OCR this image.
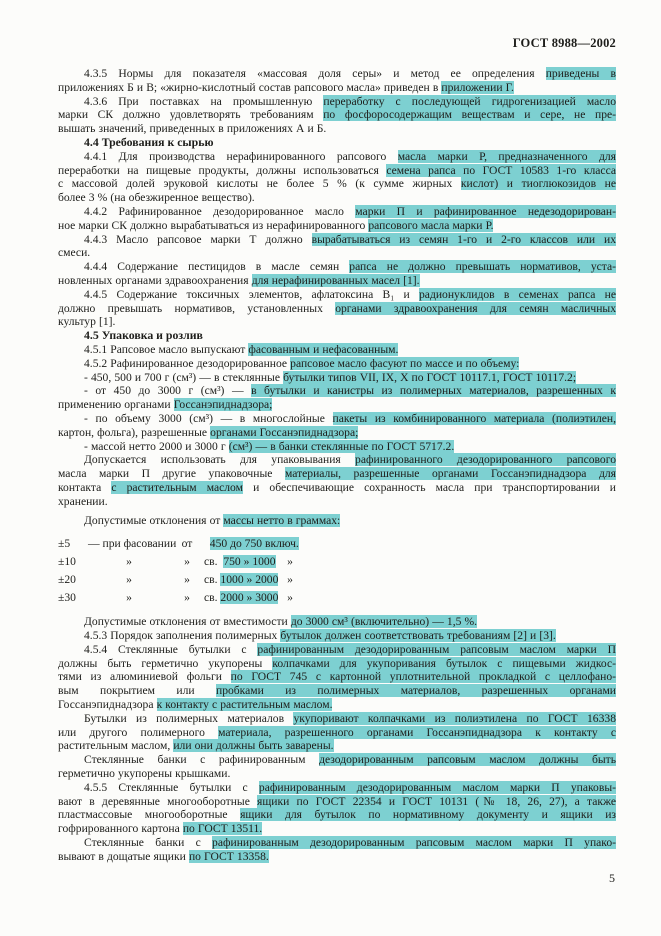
ГОСТ 8988—2002
4.3.5 Нормы для показателя «массовая доля серы» и метод ее определения приведены в
приложениях Б и В; «жирно-кислотный состав рапсового масла» приведен в приложении Г.
4.3.6 При поставках на промышленную переработку с последующей гидрогенизацией масло
марки СК должно удовлетворять требованиям по фосфоросодержащим веществам и сере, не пре-
вышать значений, приведенных в приложениях А и Б.
4.4 Требования к сырью
4.4.1 Для производства нерафинированного рапсового масла марки Р, предназначенного для
переработки на пищевые продукты, должны использоваться семена рапса по ГОСТ 10583 1-го класса
с массовой долей эруковой кислоты не более 5 % (к сумме жирных кислот) и тиоглюкозидов не
более 3 % (на обезжиренное вещество).
4.4.2 Рафинированное дезодорированное масло марки П и рафинированное недезодорирован-
ное марки СК должно вырабатываться из нерафинированного рапсового масла марки Р.
4.4.3 Масло рапсовое марки Т должно вырабатываться из семян 1-го и 2-го классов или их
смеси.
4.4.4 Содержание пестицидов в масле семян рапса не должно превышать нормативов, уста-
новленных органами здравоохранения для нерафинированных масел [1].
4.4.5 Содержание токсичных элементов, афлатоксина В₁ и радионуклидов в семенах рапса не
должно превышать нормативов, установленных органами здравоохранения для семян масличных
культур [1].
4.5 Упаковка и розлив
4.5.1 Рапсовое масло выпускают фасованным и нефасованным.
4.5.2 Рафинированное дезодорированное рапсовое масло фасуют по массе и по объему:
- 450, 500 и 700 г (см³) — в стеклянные бутылки типов VII, IX, X по ГОСТ 10117.1, ГОСТ 10117.2;
- от 450 до 3000 г (см³) — в бутылки и канистры из полимерных материалов, разрешенных к
применению органами Госсанэпиднадзора;
- по объему 3000 (см³) — в многослойные пакеты из комбинированного материала (полиэтилен,
картон, фольга), разрешенные органами Госсанэпиднадзора;
- массой нетто 2000 и 3000 г (см³) — в банки стеклянные по ГОСТ 5717.2.
Допускается использовать для упаковывания рафинированного дезодорированного рапсового
масла марки П другие упаковочные материалы, разрешенные органами Госсанэпиднадзора для
контакта с растительным маслом и обеспечивающие сохранность масла при транспортировании и
хранении.
Допустимые отклонения от массы нетто в граммах:
±5	— при фасовании от	450 до 750 включ.
±10	»	»	св.  750 » 1000    »
±20	»	»	св. 1000 » 2000   »
±30	»	»	св. 2000 » 3000   »
Допустимые отклонения от вместимости до 3000 см³ (включительно) — 1,5 %.
4.5.3 Порядок заполнения полимерных бутылок должен соответствовать требованиям [2] и [3].
4.5.4 Стеклянные бутылки с рафинированным дезодорированным рапсовым маслом марки П
должны быть герметично укупорены колпачками для укупоривания бутылок с пищевыми жидкос-
тями из алюминиевой фольги по ГОСТ 745 с картонной уплотнительной прокладкой с целлофано-
вым покрытием или пробками из полимерных материалов, разрешенных органами
Госсанэпиднадзора к контакту с растительным маслом.
Бутылки из полимерных материалов укупоривают колпачками из полиэтилена по ГОСТ 16338
или другого полимерного материала, разрешенного органами Госсанэпиднадзора к контакту с
растительным маслом, или они должны быть заварены.
Стеклянные банки с рафинированным дезодорированным рапсовым маслом должны быть
герметично укупорены крышками.
4.5.5 Стеклянные бутылки с рафинированным дезодорированным маслом марки П упаковы-
вают в деревянные многооборотные ящики по ГОСТ 22354 и ГОСТ 10131 (№ 18, 26, 27), а также
пластмассовые многооборотные ящики для бутылок по нормативному документу и ящики из
гофрированного картона по ГОСТ 13511.
Стеклянные банки с рафинированным дезодорированным рапсовым маслом марки П упако-
вывают в дощатые ящики по ГОСТ 13358.
5
